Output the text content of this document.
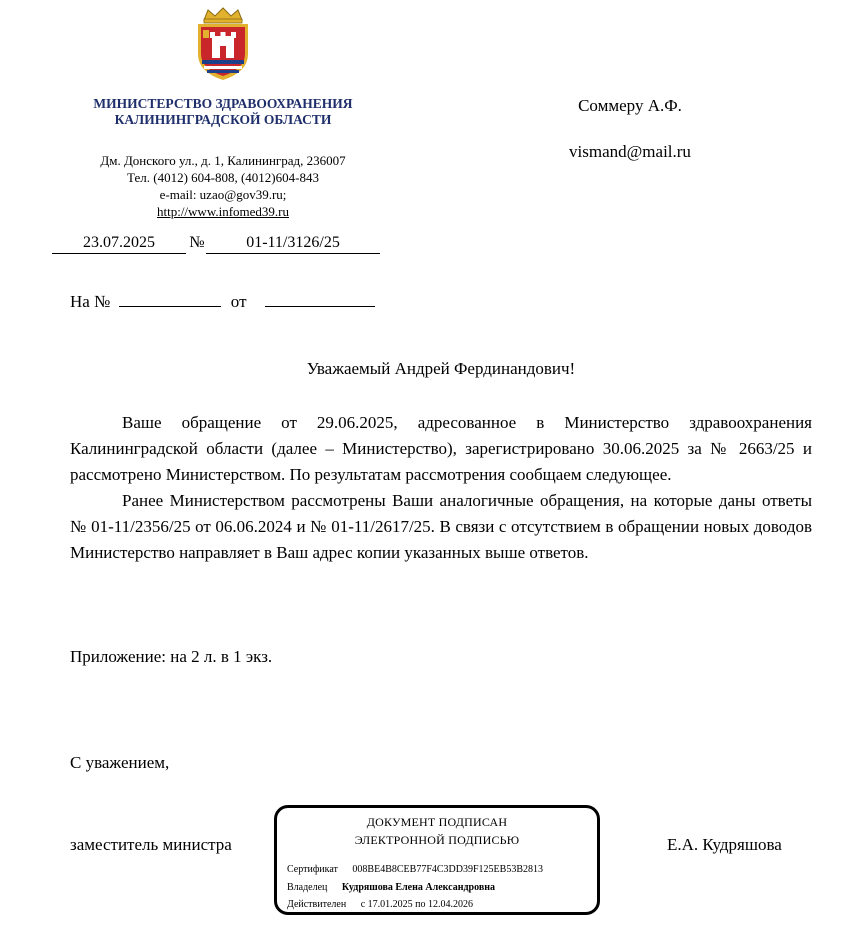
МИНИСТЕРСТВО ЗДРАВООХРАНЕНИЯ
КАЛИНИНГРАДСКОЙ ОБЛАСТИ
Дм. Донского ул., д. 1, Калининград, 236007
Тел. (4012) 604-808, (4012)604-843
e-mail: uzao@gov39.ru;
http://www.infomed39.ru
Соммеру А.Ф.
vismand@mail.ru
23.07.2025	№	01-11/3126/25
На №	от
Уважаемый Андрей Фердинандович!

Ваше обращение от 29.06.2025, адресованное в Министерство здравоохранения Калининградской области (далее – Министерство), зарегистрировано 30.06.2025 за № 2663/25 и рассмотрено Министерством. По результатам рассмотрения сообщаем следующее.

Ранее Министерством рассмотрены Ваши аналогичные обращения, на которые даны ответы № 01-11/2356/25 от 06.06.2024 и № 01-11/2617/25. В связи с отсутствием в обращении новых доводов Министерство направляет в Ваш адрес копии указанных выше ответов.

Приложение: на 2 л. в 1 экз.
С уважением,
заместитель министра	Е.А. Кудряшова
ДОКУМЕНТ ПОДПИСАН
ЭЛЕКТРОННОЙ ПОДПИСЬЮ
Сертификат 008BE4B8CEB77F4C3DD39F125EB53B2813
Владелец Кудряшова Елена Александровна
Действителен с 17.01.2025 по 12.04.2026
